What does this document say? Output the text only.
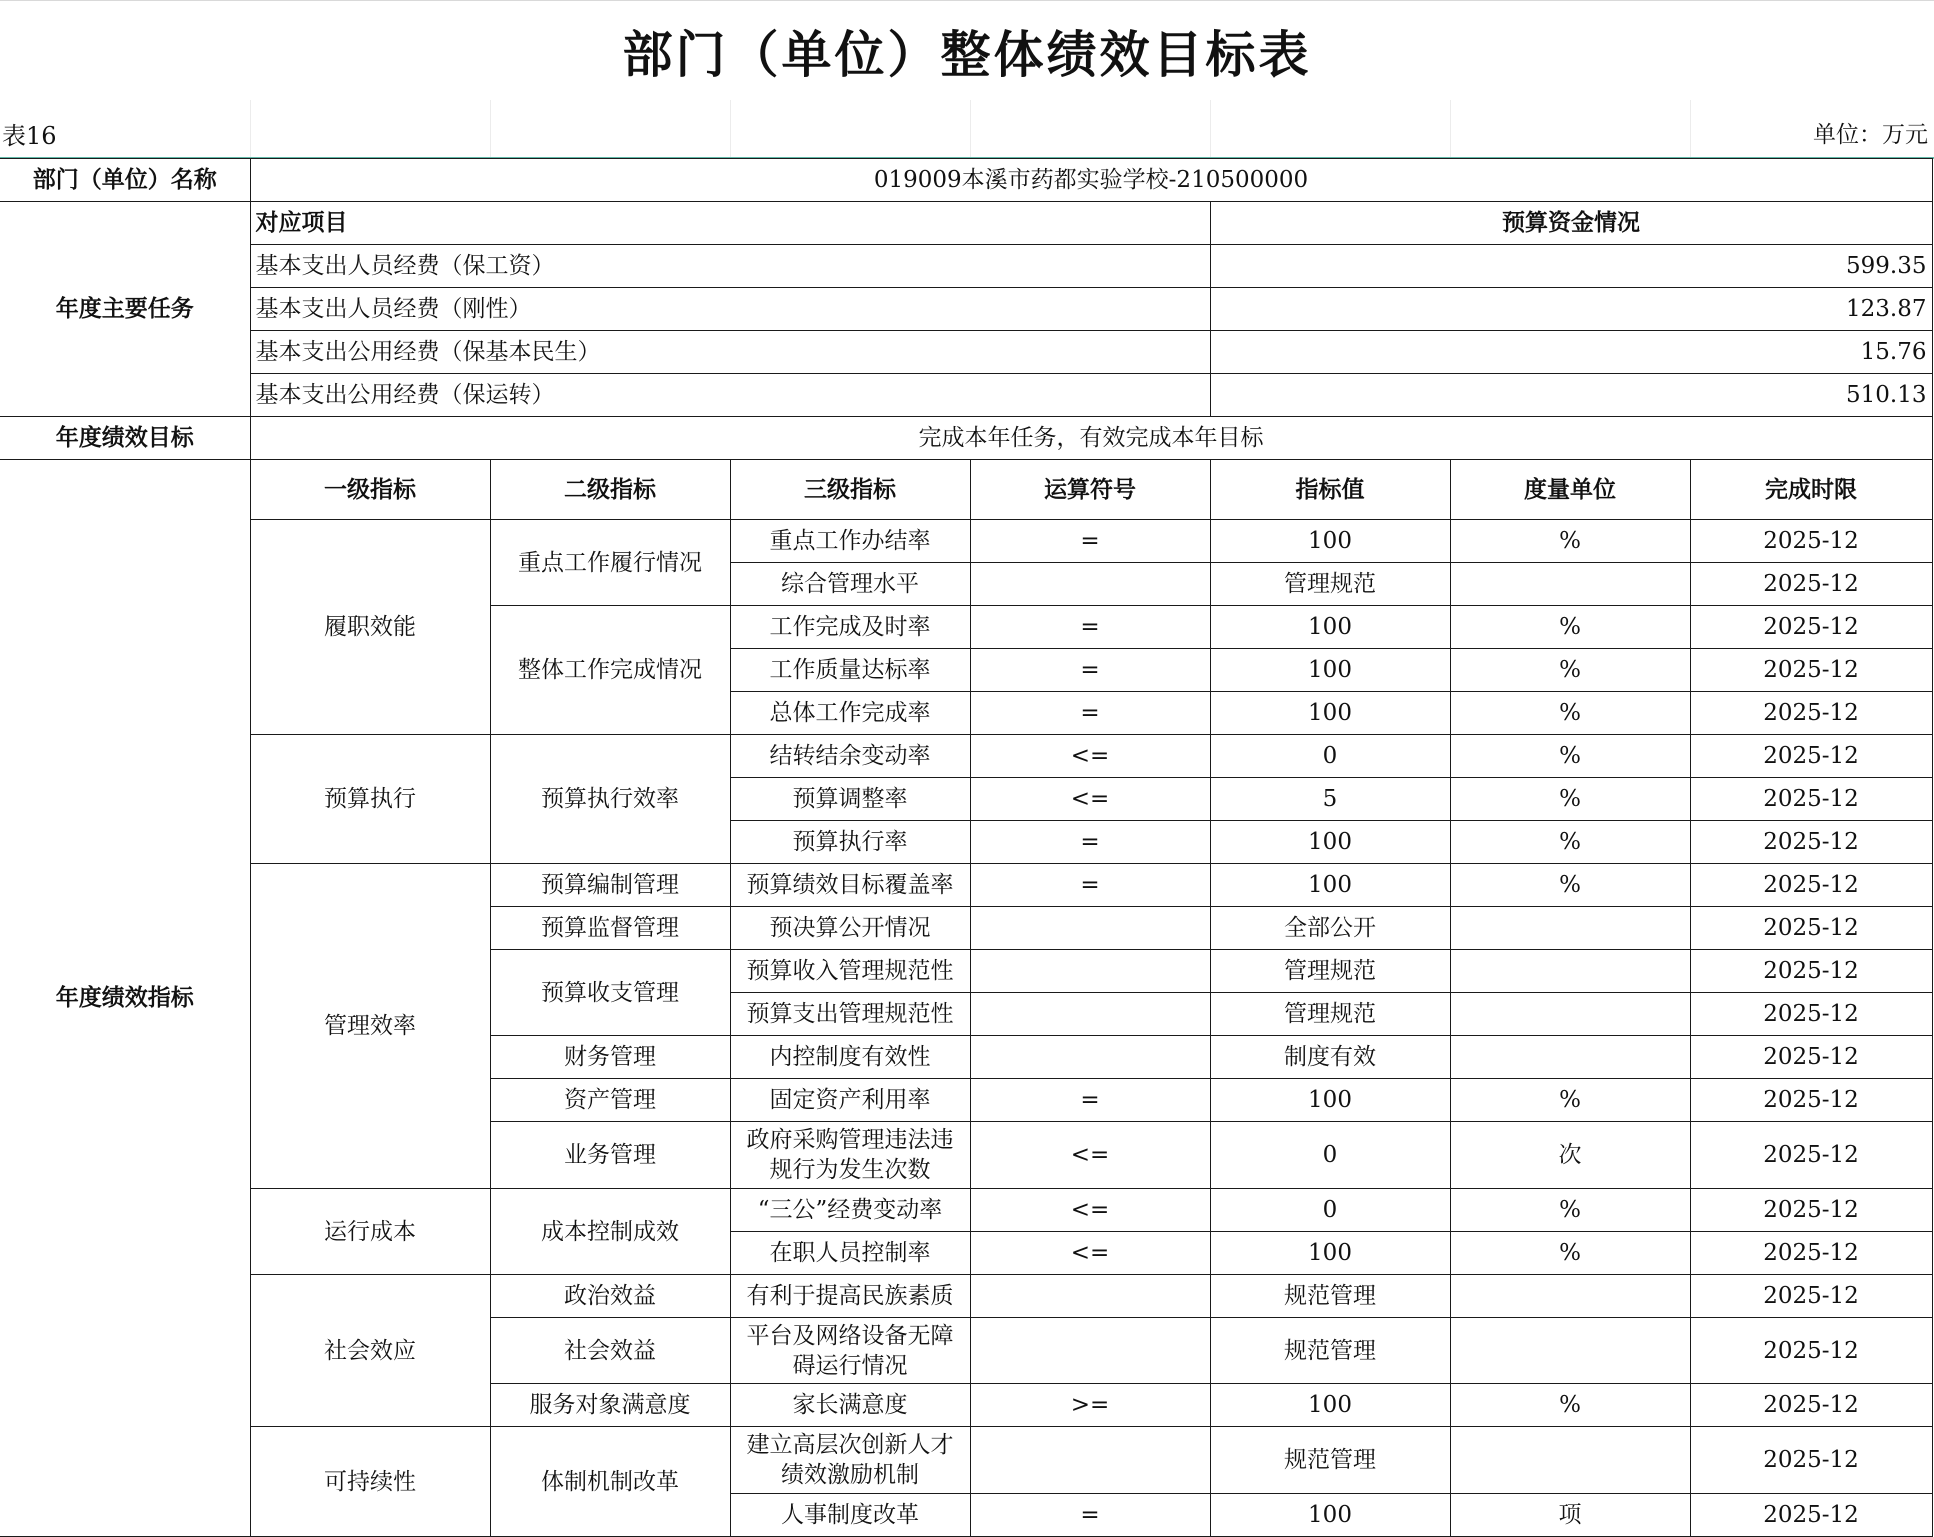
部门（单位）整体绩效目标表
表16	单位：万元
部门（单位）名称	019009本溪市药都实验学校-210500000						
年度主要任务	对应项目				预算资金情况		
	基本支出人员经费（保工资）				599.35		
	基本支出人员经费（刚性）				123.87		
	基本支出公用经费（保基本民生）				15.76		
	基本支出公用经费（保运转）				510.13		
年度绩效目标	完成本年任务，有效完成本年目标						
年度绩效指标	一级指标	二级指标	三级指标	运算符号	指标值	度量单位	完成时限
	履职效能	重点工作履行情况	重点工作办结率	=	100	%	2025-12
			综合管理水平		管理规范		2025-12
		整体工作完成情况	工作完成及时率	=	100	%	2025-12
			工作质量达标率	=	100	%	2025-12
			总体工作完成率	=	100	%	2025-12
	预算执行	预算执行效率	结转结余变动率	<=	0	%	2025-12
			预算调整率	<=	5	%	2025-12
			预算执行率	=	100	%	2025-12
	管理效率	预算编制管理	预算绩效目标覆盖率	=	100	%	2025-12
		预算监督管理	预决算公开情况		全部公开		2025-12
		预算收支管理	预算收入管理规范性		管理规范		2025-12
			预算支出管理规范性		管理规范		2025-12
		财务管理	内控制度有效性		制度有效		2025-12
		资产管理	固定资产利用率	=	100	%	2025-12
		业务管理	政府采购管理违法违规行为发生次数	<=	0	次	2025-12
	运行成本	成本控制成效	“三公”经费变动率	<=	0	%	2025-12
			在职人员控制率	<=	100	%	2025-12
	社会效应	政治效益	有利于提高民族素质		规范管理		2025-12
		社会效益	平台及网络设备无障碍运行情况		规范管理		2025-12
		服务对象满意度	家长满意度	>=	100	%	2025-12
	可持续性	体制机制改革	建立高层次创新人才绩效激励机制		规范管理		2025-12
			人事制度改革	=	100	项	2025-12
